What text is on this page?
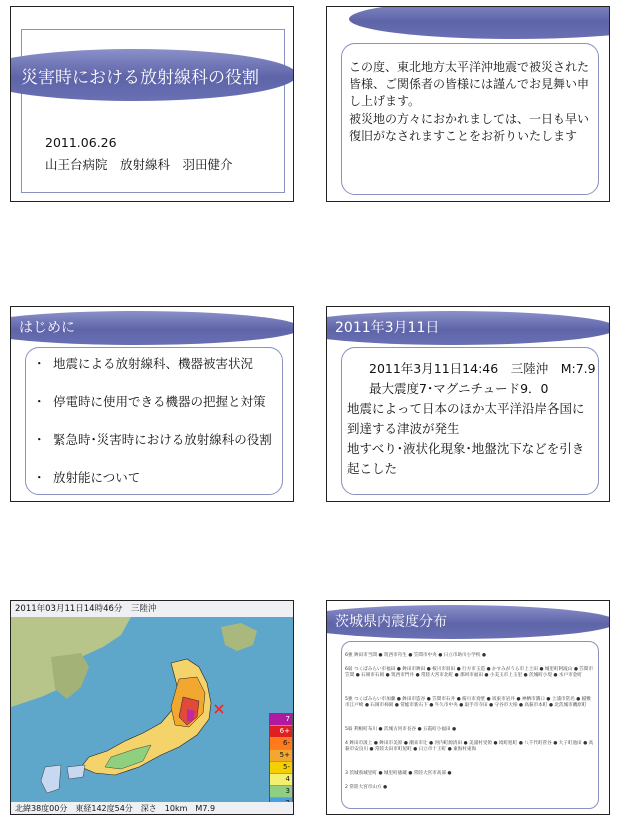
災害時における放射線科の役割
2011.06.26
山王台病院　放射線科　羽田健介

この度、東北地方太平洋沖地震で被災された皆様、ご関係者の皆様には謹んでお見舞い申し上げます。

被災地の方々におかれましては、一日も早い復旧がなされますことをお祈りいたします

はじめに
・ 地震による放射線科、機器被害状況
・ 停電時に使用できる機器の把握と対策
・ 緊急時･災害時における放射線科の役割
・ 放射能について
2011年3月11日
2011年3月11日14:46　三陸沖　M:7.9
最大震度7･マグニチュード9．0
地震によって日本のほか太平洋沿岸各国に
到達する津波が発生
地すべり･液状化現象･地盤沈下などを引き
起こした
2011年03月11日14時46分　三陸沖
7
6+
6-
5+
5-
4
3
北緯38度00分　東経142度54分　深さ　10km　M7.9
茨城県内震度分布
6強 鉾田市当間 ● 筑西市舟生 ● 笠間市中央 ● 日立市助川小学校 ●
6弱 つくばみらい市福田 ● 鉾田市鉾田 ● 桜川市羽田 ● 行方市玉造 ● かすみがうら市上土田 ● 城里町阿波山 ● 笠間市笠間 ● 石岡市石岡 ● 筑西市門井 ● 常陸大宮市北町 ● 那珂市福田 ● 小美玉市上玉里 ● 茨城町小堤 ● 水戸市金町
5強 つくばみらい市加藤 ● 鉾田市造谷 ● 笠間市石井 ● 桜川市真壁 ● 坂東市岩井 ● 神栖市溝口 ● 土浦市常名 ● 稲敷市江戸崎 ● 石岡市柿岡 ● 常総市新石下 ● 牛久市中央 ● 取手市寺田 ● 守谷市大柏 ● 高萩市本町 ● 北茨城市磯原町
5弱 利根町布川 ● 茨城古河市長谷 ● 五霞町小福田 ●
4 鉾田市汲上 ● 鉾田市美原 ● 潮来市辻 ● 河内町源清田 ● 美浦村受領 ● 境町旭町 ● 八千代町菅谷 ● 大子町池田 ● 高萩市安良川 ● 常陸太田市町屋町 ● 日立市十王町 ● 東海村東海
3 茨城県城里町 ● 城里町徳蔵 ● 常陸大宮市高部 ●
2 常陸大宮市山方 ●
